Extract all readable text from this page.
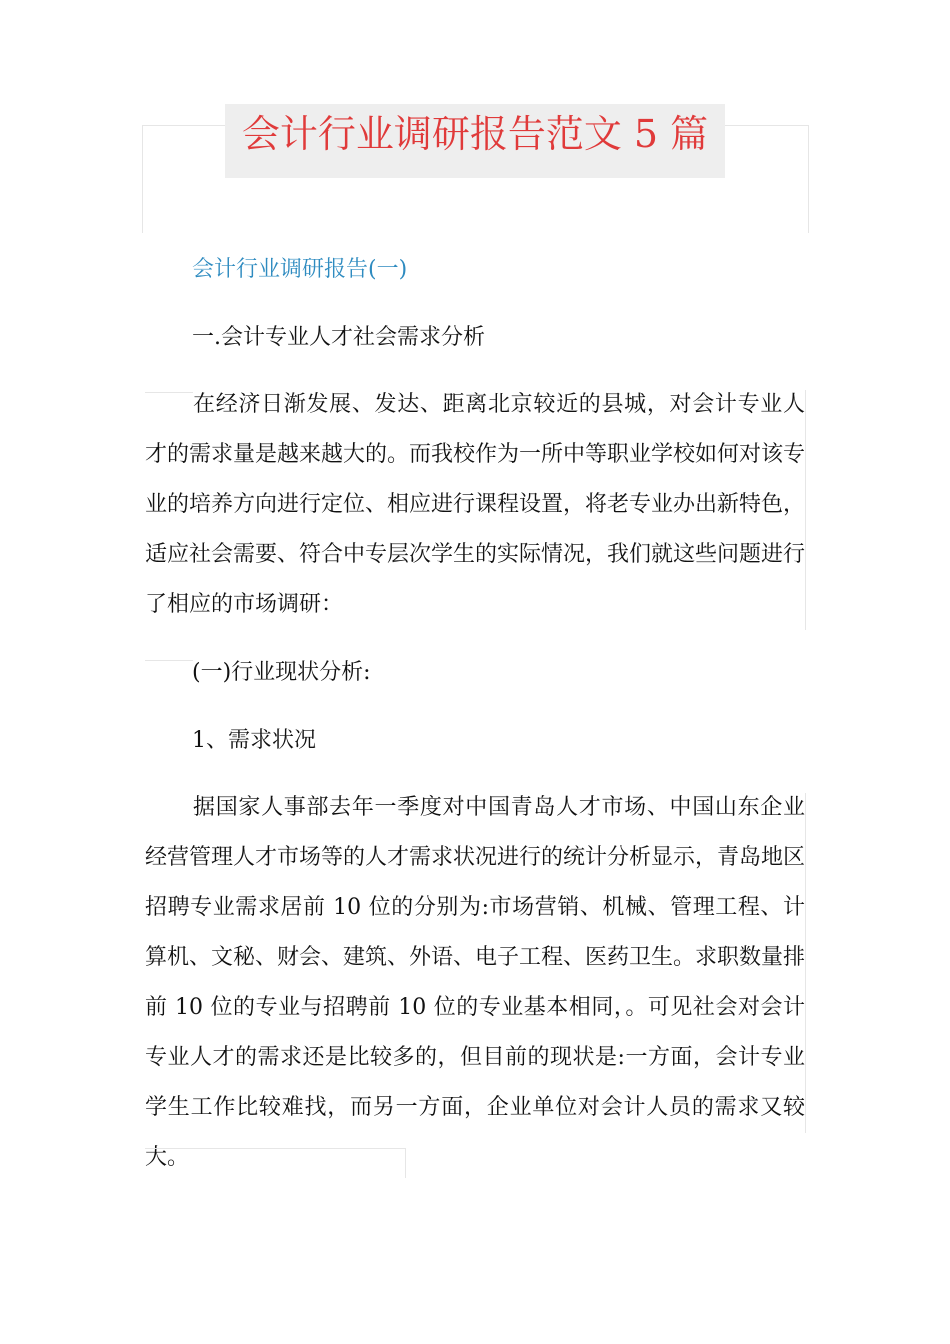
会计行业调研报告范文 5 篇
会计行业调研报告(一)
一.会计专业人才社会需求分析
在经济日渐发展、发达、距离北京较近的县城，对会计专业人才的需求量是越来越大的。而我校作为一所中等职业学校如何对该专业的培养方向进行定位、相应进行课程设置，将老专业办出新特色，适应社会需要、符合中专层次学生的实际情况，我们就这些问题进行了相应的市场调研：
(一)行业现状分析:
1、需求状况
据国家人事部去年一季度对中国青岛人才市场、中国山东企业经营管理人才市场等的人才需求状况进行的统计分析显示，青岛地区招聘专业需求居前 10 位的分别为:市场营销、机械、管理工程、计算机、文秘、财会、建筑、外语、电子工程、医药卫生。求职数量排前 10 位的专业与招聘前 10 位的专业基本相同，。可见社会对会计专业人才的需求还是比较多的，但目前的现状是:一方面，会计专业学生工作比较难找，而另一方面，企业单位对会计人员的需求又较大。
